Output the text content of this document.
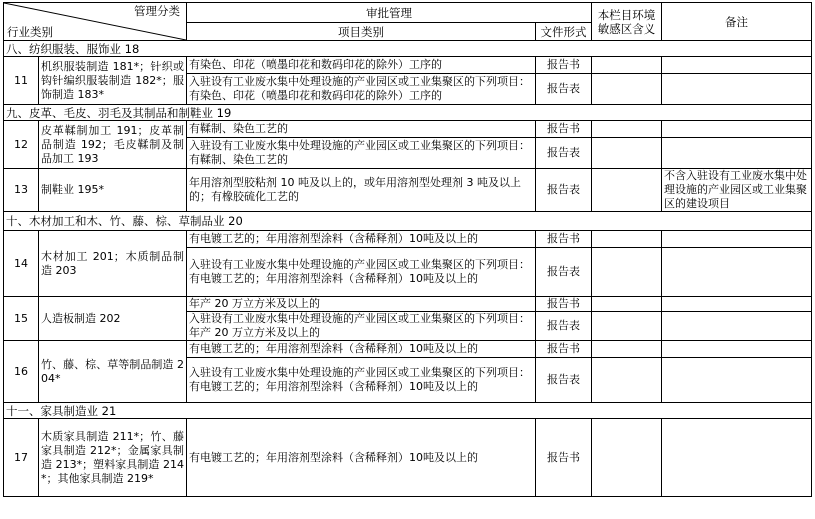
管理分类
行业类别		审批管理		本栏目环境敏感区含义	备注
		项目类别	文件形式		
八、纺织服装、服饰业 18					
11	机织服装制造 181*；针织或钩针编织服装制造 182*；服饰制造 183*	有染色、印花（喷墨印花和数码印花的除外）工序的	报告书		
		入驻设有工业废水集中处理设施的产业园区或工业集聚区的下列项目：有染色、印花（喷墨印花和数码印花的除外）工序的	报告表		
九、皮革、毛皮、羽毛及其制品和制鞋业 19					
12	皮革鞣制加工 191；皮革制品制造 192；毛皮鞣制及制品加工 193	有鞣制、染色工艺的	报告书		
		入驻设有工业废水集中处理设施的产业园区或工业集聚区的下列项目：有鞣制、染色工艺的	报告表		
13	制鞋业 195*	年用溶剂型胶粘剂 10 吨及以上的，或年用溶剂型处理剂 3 吨及以上的；有橡胶硫化工艺的	报告表		不含入驻设有工业废水集中处理设施的产业园区或工业集聚区的建设项目
十、木材加工和木、竹、藤、棕、草制品业 20					
14	木材加工 201；木质制品制造 203	有电镀工艺的；年用溶剂型涂料（含稀释剂）10吨及以上的	报告书		
		入驻设有工业废水集中处理设施的产业园区或工业集聚区的下列项目：有电镀工艺的；年用溶剂型涂料（含稀释剂）10吨及以上的	报告表		
15	人造板制造 202	年产 20 万立方米及以上的	报告书		
		入驻设有工业废水集中处理设施的产业园区或工业集聚区的下列项目：年产 20 万立方米及以上的	报告表		
16	竹、藤、棕、草等制品制造 204*	有电镀工艺的；年用溶剂型涂料（含稀释剂）10吨及以上的	报告书		
		入驻设有工业废水集中处理设施的产业园区或工业集聚区的下列项目：有电镀工艺的；年用溶剂型涂料（含稀释剂）10吨及以上的	报告表		
十一、家具制造业 21					
17	木质家具制造 211*；竹、藤家具制造 212*；金属家具制造 213*；塑料家具制造 214*；其他家具制造 219*	有电镀工艺的；年用溶剂型涂料（含稀释剂）10吨及以上的	报告书		
